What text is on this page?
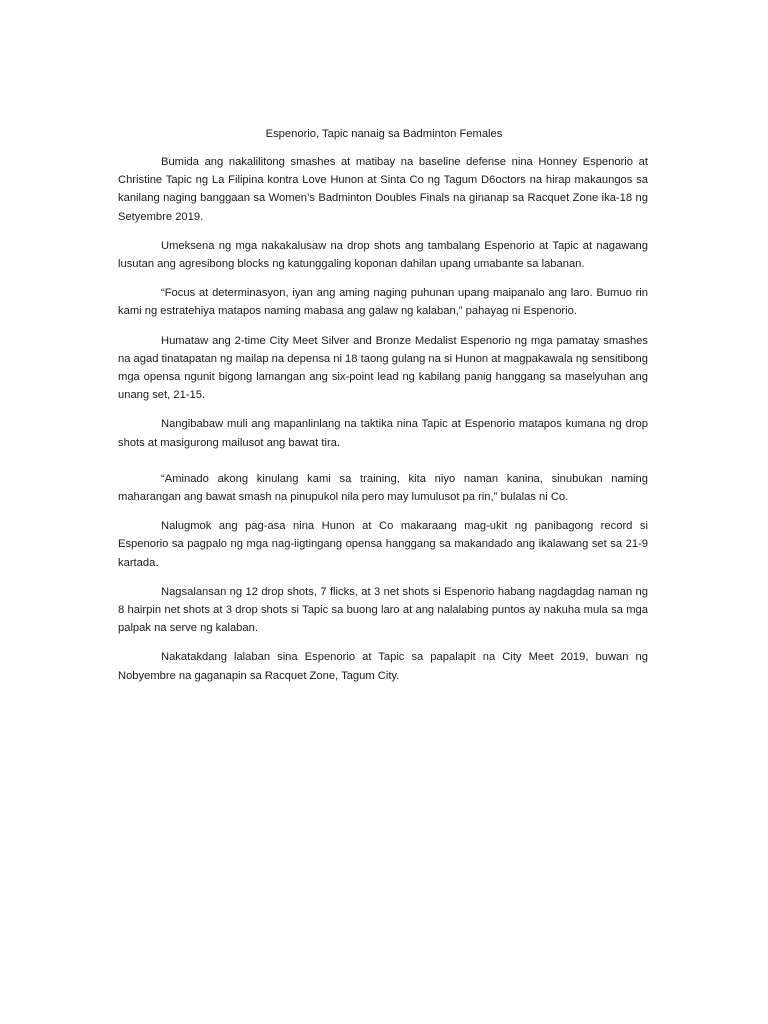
Espenorio, Tapic nanaig sa Badminton Females

Bumida ang nakalilitong smashes at matibay na baseline defense nina Honney Espenorio at Christine Tapic ng La Filipina kontra Love Hunon at Sinta Co ng Tagum D6octors na hirap makaungos sa kanilang naging banggaan sa Women’s Badminton Doubles Finals na ginanap sa Racquet Zone ika-18 ng Setyembre 2019.

Umeksena ng mga nakakalusaw na drop shots ang tambalang Espenorio at Tapic at nagawang lusutan ang agresibong blocks ng katunggaling koponan dahilan upang umabante sa labanan.

“Focus at determinasyon, iyan ang aming naging puhunan upang maipanalo ang laro. Bumuo rin kami ng estratehiya matapos naming mabasa ang galaw ng kalaban,” pahayag ni Espenorio.

Humataw ang 2-time City Meet Silver and Bronze Medalist Espenorio ng mga pamatay smashes na agad tinatapatan ng mailap na depensa ni 18 taong gulang na si Hunon at magpakawala ng sensitibong mga opensa ngunit bigong lamangan ang six-point lead ng kabilang panig hanggang sa maselyuhan ang unang set, 21-15.

Nangibabaw muli ang mapanlinlang na taktika nina Tapic at Espenorio matapos kumana ng drop shots at masigurong mailusot ang bawat tira.

“Aminado akong kinulang kami sa training, kita niyo naman kanina, sinubukan naming maharangan ang bawat smash na pinupukol nila pero may lumulusot pa rin,” bulalas ni Co.

Nalugmok ang pag-asa nina Hunon at Co makaraang mag-ukit ng panibagong record si Espenorio sa pagpalo ng mga nag-iigtingang opensa hanggang sa makandado ang ikalawang set sa 21-9 kartada.

Nagsalansan ng 12 drop shots, 7 flicks, at 3 net shots si Espenorio habang nagdagdag naman ng 8 hairpin net shots at 3 drop shots si Tapic sa buong laro at ang nalalabing puntos ay nakuha mula sa mga palpak na serve ng kalaban.

Nakatakdang lalaban sina Espenorio at Tapic sa papalapit na City Meet 2019, buwan ng Nobyembre na gaganapin sa Racquet Zone, Tagum City.
